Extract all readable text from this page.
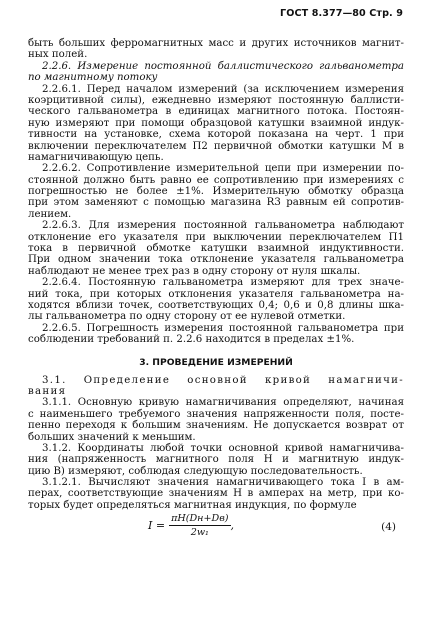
ГОСТ 8.377—80 Стр. 9
быть больших ферромагнитных масс и других источников магнит-
ных полей.
2.2.6. Измерение постоянной баллистического гальванометра
по магнитному потоку
2.2.6.1. Перед началом измерений (за исключением измерения
коэрцитивной силы), ежедневно измеряют постоянную баллисти-
ческого гальванометра в единицах магнитного потока. Постоян-
ную измеряют при помощи образцовой катушки взаимной индук-
тивности на установке, схема которой показана на черт. 1 при
включении переключателем П2 первичной обмотки катушки М в
намагничивающую цепь.
2.2.6.2. Сопротивление измерительной цепи при измерении по-
стоянной должно быть равно ее сопротивлению при измерениях с
погрешностью не более ±1%. Измерительную обмотку образца
при этом заменяют с помощью магазина R3 равным ей сопротив-
лением.
2.2.6.3. Для измерения постоянной гальванометра наблюдают
отклонение его указателя при выключении переключателем П1
тока в первичной обмотке катушки взаимной индуктивности.
При одном значении тока отклонение указателя гальванометра
наблюдают не менее трех раз в одну сторону от нуля шкалы.
2.2.6.4. Постоянную гальванометра измеряют для трех значе-
ний тока, при которых отклонения указателя гальванометра на-
ходятся вблизи точек, соответствующих 0,4; 0,6 и 0,8 длины шка-
лы гальванометра по одну сторону от ее нулевой отметки.
2.2.6.5. Погрешность измерения постоянной гальванометра при
соблюдении требований п. 2.2.6 находится в пределах ±1%.
3. ПРОВЕДЕНИЕ ИЗМЕРЕНИЙ
3.1. Определение основной кривой намагничи-
вания
3.1.1. Основную кривую намагничивания определяют, начиная
с наименьшего требуемого значения напряженности поля, посте-
пенно переходя к большим значениям. Не допускается возврат от
больших значений к меньшим.
3.1.2. Координаты любой точки основной кривой намагничива-
ния (напряженность магнитного поля Н и магнитную индук-
цию В) измеряют, соблюдая следующую последовательность.
3.1.2.1. Вычисляют значения намагничивающего тока I в ам-
перах, соответствующие значениям Н в амперах на метр, при ко-
торых будет определяться магнитная индукция, по формуле
$I = \frac{\pi H(Dн+Dв)}{\text{2w₁}}$ ,	(4)
